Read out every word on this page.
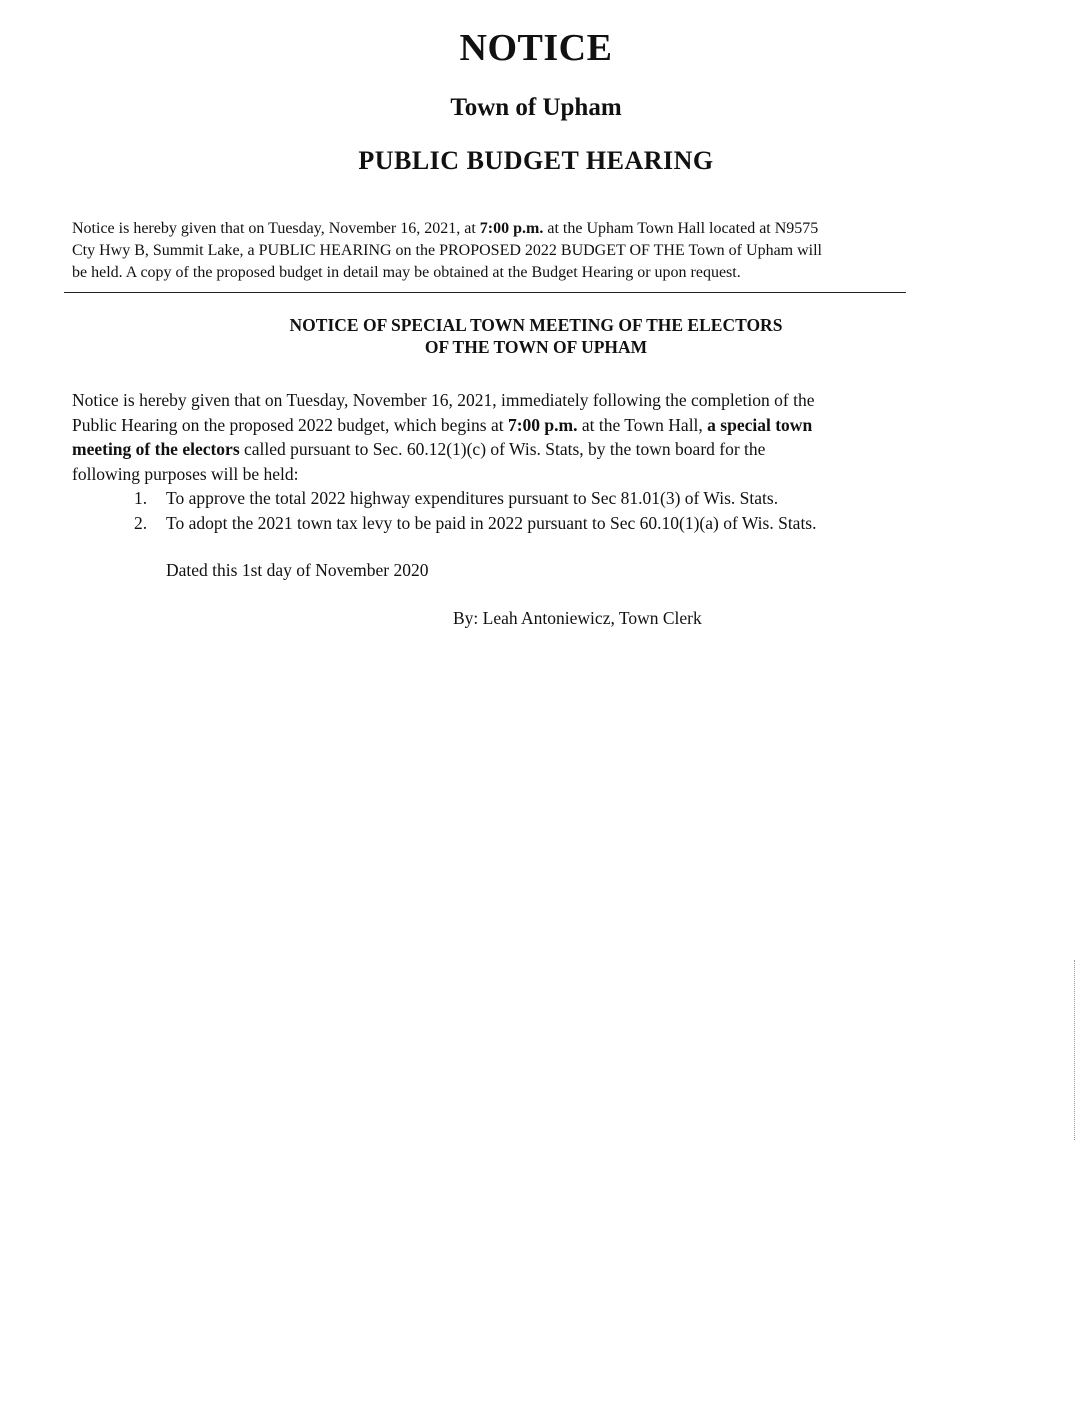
NOTICE
Town of Upham
PUBLIC BUDGET HEARING

Notice is hereby given that on Tuesday, November 16, 2021, at 7:00 p.m. at the Upham Town Hall located at N9575
Cty Hwy B, Summit Lake, a PUBLIC HEARING on the PROPOSED 2022 BUDGET OF THE Town of Upham will
be held. A copy of the proposed budget in detail may be obtained at the Budget Hearing or upon request.

NOTICE OF SPECIAL TOWN MEETING OF THE ELECTORS
OF THE TOWN OF UPHAM

Notice is hereby given that on Tuesday, November 16, 2021, immediately following the completion of the
Public Hearing on the proposed 2022 budget, which begins at 7:00 p.m. at the Town Hall, a special town
meeting of the electors called pursuant to Sec. 60.12(1)(c) of Wis. Stats, by the town board for the
following purposes will be held:

1. To approve the total 2022 highway expenditures pursuant to Sec 81.01(3) of Wis. Stats.
2. To adopt the 2021 town tax levy to be paid in 2022 pursuant to Sec 60.10(1)(a) of Wis. Stats.

Dated this 1st day of November 2020

By: Leah Antoniewicz, Town Clerk
